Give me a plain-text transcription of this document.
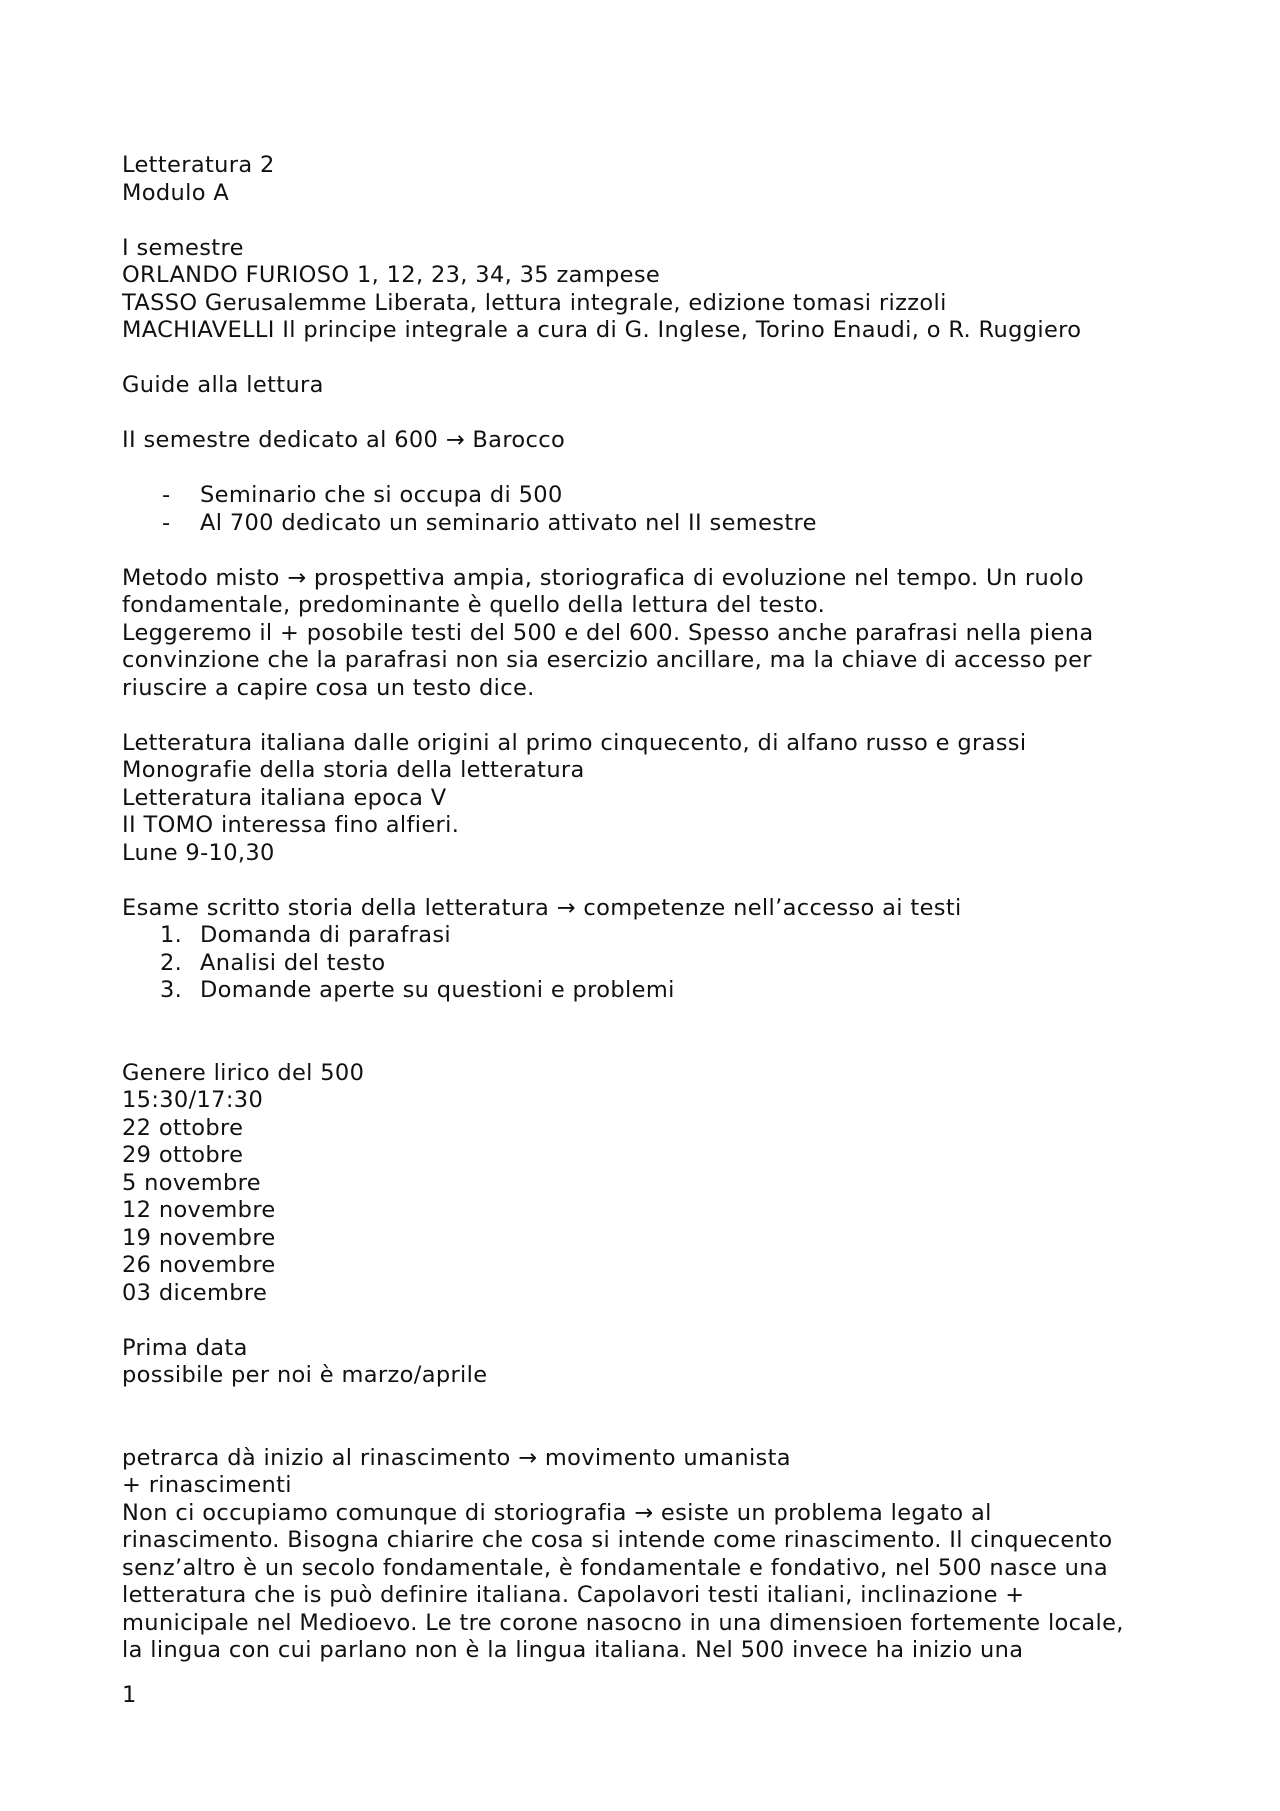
Letteratura 2
Modulo A
I semestre
ORLANDO FURIOSO 1, 12, 23, 34, 35 zampese
TASSO Gerusalemme Liberata, lettura integrale, edizione tomasi rizzoli
MACHIAVELLI Il principe integrale a cura di G. Inglese, Torino Enaudi, o R. Ruggiero
Guide alla lettura
II semestre dedicato al 600 → Barocco
- Seminario che si occupa di 500
- Al 700 dedicato un seminario attivato nel II semestre
Metodo misto → prospettiva ampia, storiografica di evoluzione nel tempo. Un ruolo
fondamentale, predominante è quello della lettura del testo.
Leggeremo il + posobile testi del 500 e del 600. Spesso anche parafrasi nella piena
convinzione che la parafrasi non sia esercizio ancillare, ma la chiave di accesso per
riuscire a capire cosa un testo dice.
Letteratura italiana dalle origini al primo cinquecento, di alfano russo e grassi
Monografie della storia della letteratura
Letteratura italiana epoca V
II TOMO interessa fino alfieri.
Lune 9-10,30
Esame scritto storia della letteratura → competenze nell’accesso ai testi
1. Domanda di parafrasi
2. Analisi del testo
3. Domande aperte su questioni e problemi
Genere lirico del 500
15:30/17:30
22 ottobre
29 ottobre
5 novembre
12 novembre
19 novembre
26 novembre
03 dicembre
Prima data
possibile per noi è marzo/aprile
petrarca dà inizio al rinascimento → movimento umanista
+ rinascimenti
Non ci occupiamo comunque di storiografia → esiste un problema legato al
rinascimento. Bisogna chiarire che cosa si intende come rinascimento. Il cinquecento
senz’altro è un secolo fondamentale, è fondamentale e fondativo, nel 500 nasce una
letteratura che is può definire italiana. Capolavori testi italiani, inclinazione +
municipale nel Medioevo. Le tre corone nasocno in una dimensioen fortemente locale,
la lingua con cui parlano non è la lingua italiana. Nel 500 invece ha inizio una
1
